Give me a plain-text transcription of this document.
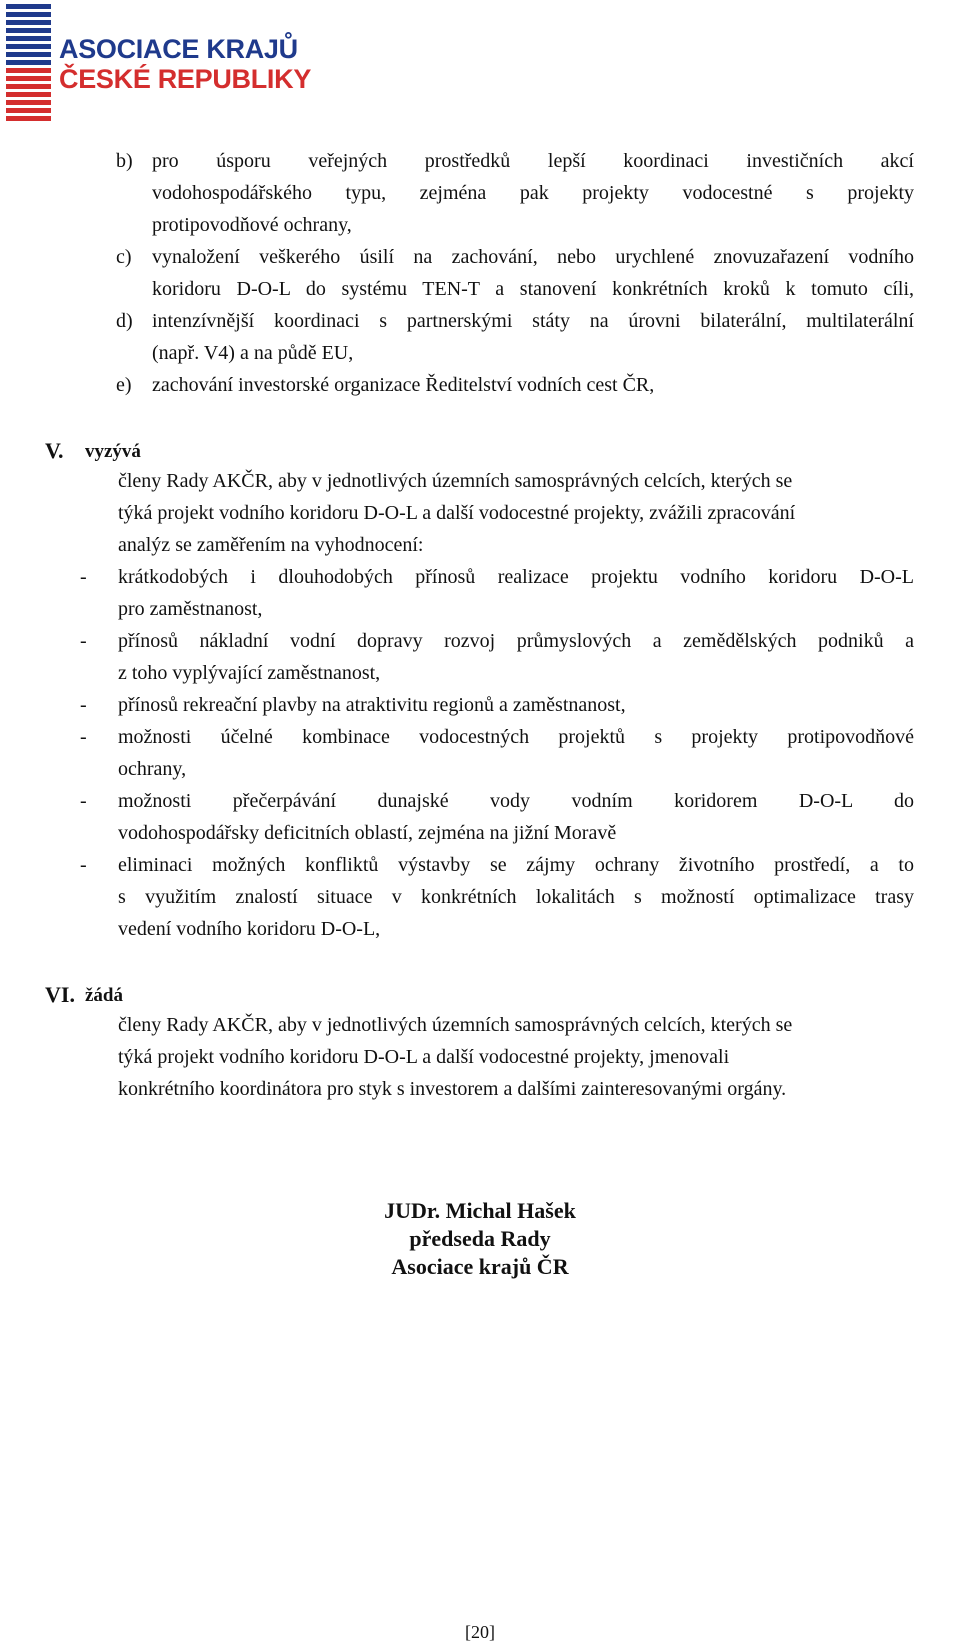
ASOCIACE KRAJŮ
ČESKÉ REPUBLIKY
b) pro úsporu veřejných prostředků lepší koordinaci investičních akcí
vodohospodářského typu, zejména pak projekty vodocestné s projekty
protipovodňové ochrany,
c) vynaložení veškerého úsilí na zachování, nebo urychlené znovuzařazení vodního
koridoru D-O-L do systému TEN-T a stanovení konkrétních kroků k tomuto cíli,
d) intenzívnější koordinaci s partnerskými státy na úrovni bilaterální, multilaterální
(např. V4) a na půdě EU,
e) zachování investorské organizace Ředitelství vodních cest ČR,
V. vyzývá
členy Rady AKČR, aby v jednotlivých územních samosprávných celcích, kterých se
týká projekt vodního koridoru D-O-L a další vodocestné projekty, zvážili zpracování
analýz se zaměřením na vyhodnocení:
- krátkodobých i dlouhodobých přínosů realizace projektu vodního koridoru D-O-L
pro zaměstnanost,
- přínosů nákladní vodní dopravy rozvoj průmyslových a zemědělských podniků a
z toho vyplývající zaměstnanost,
- přínosů rekreační plavby na atraktivitu regionů a zaměstnanost,
- možnosti účelné kombinace vodocestných projektů s projekty protipovodňové
ochrany,
- možnosti přečerpávání dunajské vody vodním koridorem D-O-L do
vodohospodářsky deficitních oblastí, zejména na jižní Moravě
- eliminaci možných konfliktů výstavby se zájmy ochrany životního prostředí, a to
s využitím znalostí situace v konkrétních lokalitách s možností optimalizace trasy
vedení vodního koridoru D-O-L,
VI. žádá
členy Rady AKČR, aby v jednotlivých územních samosprávných celcích, kterých se
týká projekt vodního koridoru D-O-L a další vodocestné projekty, jmenovali
konkrétního koordinátora pro styk s investorem a dalšími zainteresovanými orgány.
JUDr. Michal Hašek
předseda Rady
Asociace krajů ČR
[20]
